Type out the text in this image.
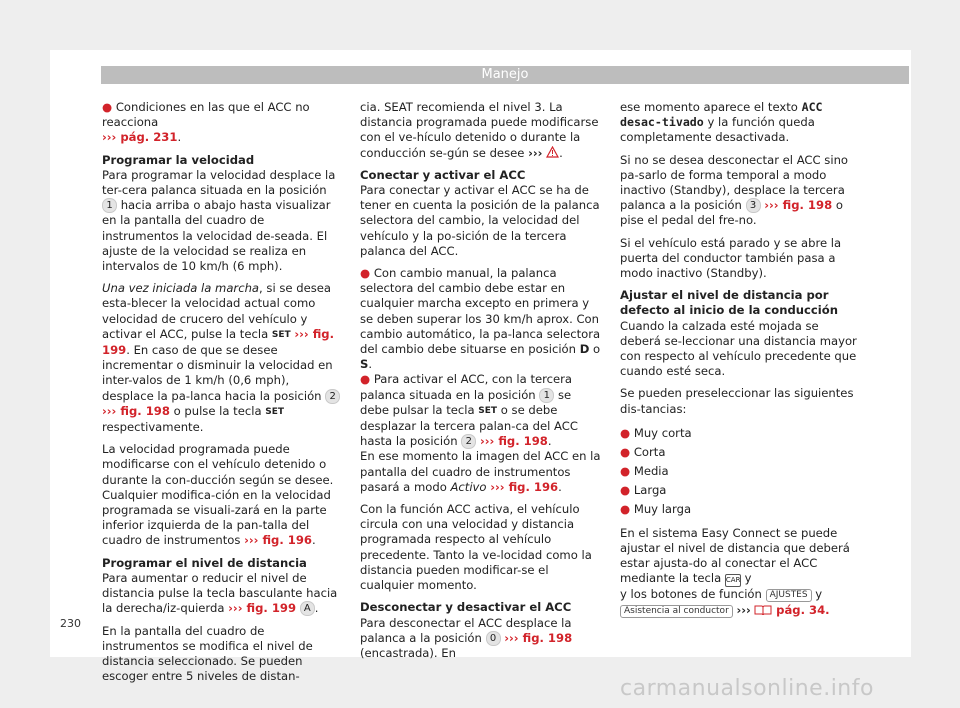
Manejo

● Condiciones en las que el ACC no reacciona
››› pág. 231.

Programar la velocidad

Para programar la velocidad desplace la ter-cera palanca situada en la posición 1 hacia arriba o abajo hasta visualizar en la pantalla del cuadro de instrumentos la velocidad de-seada. El ajuste de la velocidad se realiza en intervalos de 10 km/h (6 mph).

Una vez iniciada la marcha, si se desea esta-blecer la velocidad actual como velocidad de crucero del vehículo y activar el ACC, pulse la tecla SET ››› fig. 199. En caso de que se desee incrementar o disminuir la velocidad en inter-valos de 1 km/h (0,6 mph), desplace la pa-lanca hacia la posición 2 ››› fig. 198 o pulse la tecla SET respectivamente.

La velocidad programada puede modificarse con el vehículo detenido o durante la con-ducción según se desee. Cualquier modifica-ción en la velocidad programada se visuali-zará en la parte inferior izquierda de la pan-talla del cuadro de instrumentos ››› fig. 196.

Programar el nivel de distancia

Para aumentar o reducir el nivel de distancia pulse la tecla basculante hacia la derecha/iz-quierda ››› fig. 199 A .

En la pantalla del cuadro de instrumentos se modifica el nivel de distancia seleccionado. Se pueden escoger entre 5 niveles de distan-

cia. SEAT recomienda el nivel 3. La distancia programada puede modificarse con el ve-hículo detenido o durante la conducción se-gún se desee ››› .

Conectar y activar el ACC

Para conectar y activar el ACC se ha de tener en cuenta la posición de la palanca selectora del cambio, la velocidad del vehículo y la po-sición de la tercera palanca del ACC.

● Con cambio manual, la palanca selectora del cambio debe estar en cualquier marcha excepto en primera y se deben superar los 30 km/h aprox. Con cambio automático, la pa-lanca selectora del cambio debe situarse en posición D o S.
● Para activar el ACC, con la tercera palanca situada en la posición 1 se debe pulsar la tecla SET o se debe desplazar la tercera palan-ca del ACC hasta la posición 2 ››› fig. 198.
En ese momento la imagen del ACC en la pantalla del cuadro de instrumentos pasará a modo Activo ››› fig. 196.

Con la función ACC activa, el vehículo circula con una velocidad y distancia programada respecto al vehículo precedente. Tanto la ve-locidad como la distancia pueden modificar-se el cualquier momento.

Desconectar y desactivar el ACC

Para desconectar el ACC desplace la palanca a la posición 0 ››› fig. 198 (encastrada). En

ese momento aparece el texto ACC desac-tivado y la función queda completamente desactivada.

Si no se desea desconectar el ACC sino pa-sarlo de forma temporal a modo inactivo (Standby), desplace la tercera palanca a la posición 3 ››› fig. 198 o pise el pedal del fre-no.

Si el vehículo está parado y se abre la puerta del conductor también pasa a modo inactivo (Standby).

Ajustar el nivel de distancia por defecto al inicio de la conducción

Cuando la calzada esté mojada se deberá se-leccionar una distancia mayor con respecto al vehículo precedente que cuando esté seca.

Se pueden preseleccionar las siguientes dis-tancias:

● Muy corta
● Corta
● Media
● Larga
● Muy larga

En el sistema Easy Connect se puede ajustar el nivel de distancia que deberá estar ajusta-do al conectar el ACC mediante la tecla CAR y
y los botones de función AJUSTES y
Asistencia al conductor ››› pág. 34.

230
carmanualsonline.info
